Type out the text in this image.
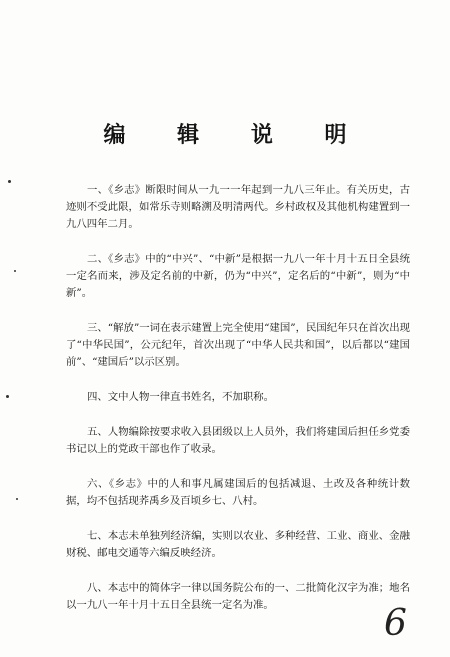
编 辑 说 明

一、《乡志》断限时间从一九一一年起到一九八三年止。有关历史，古迹则不受此限，如常乐寺则略溯及明清两代。乡村政权及其他机构建置到一九八四年二月。

二、《乡志》中的“中兴”、“中新”是根据一九八一年十月十五日全县统一定名而来，涉及定名前的中新，仍为“中兴”，定名后的“中新”，则为“中新”。

三、“解放”一词在表示建置上完全使用“建国”，民国纪年只在首次出现了“中华民国”，公元纪年，首次出现了“中华人民共和国”，以后都以“建国前”、“建国后”以示区别。

四、文中人物一律直书姓名，不加职称。

五、人物编除按要求收入县团级以上人员外，我们将建国后担任乡党委书记以上的党政干部也作了收录。

六、《乡志》中的人和事凡属建国后的包括减退、土改及各种统计数据，均不包括现荞禹乡及百顷乡七、八村。

七、本志未单独列经济编，实则以农业、多种经营、工业、商业、金融财税、邮电交通等六编反映经济。

八、本志中的简体字一律以国务院公布的一、二批简化汉字为准；地名以一九八一年十月十五日全县统一定名为准。	6
